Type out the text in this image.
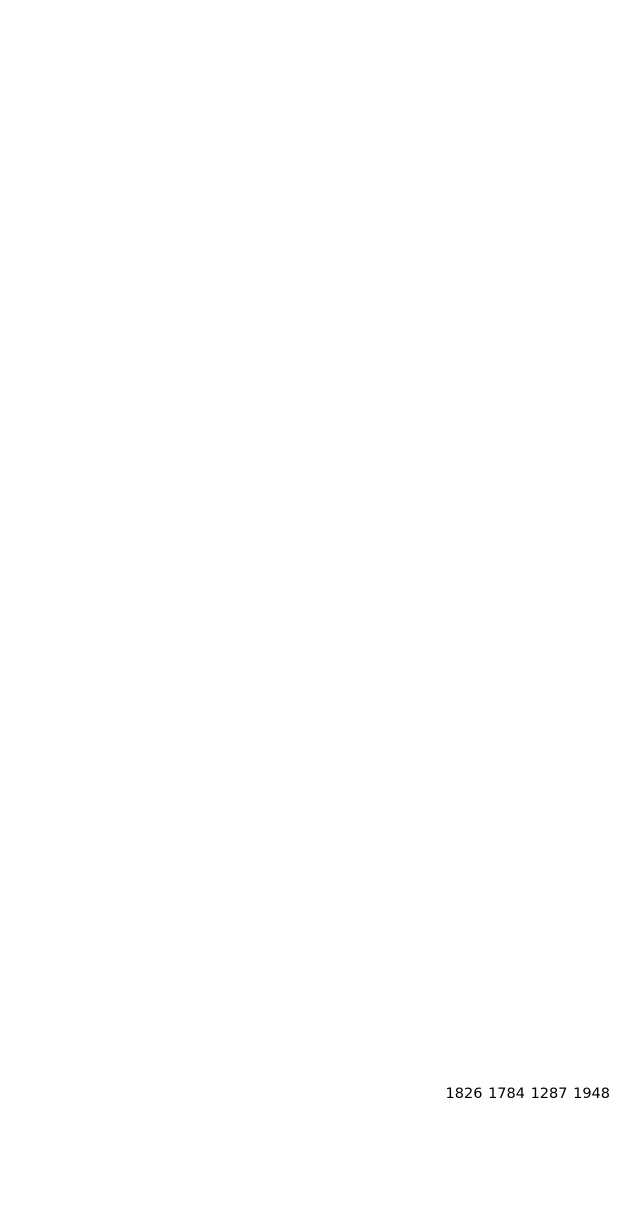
1948 1287 1784 1826
